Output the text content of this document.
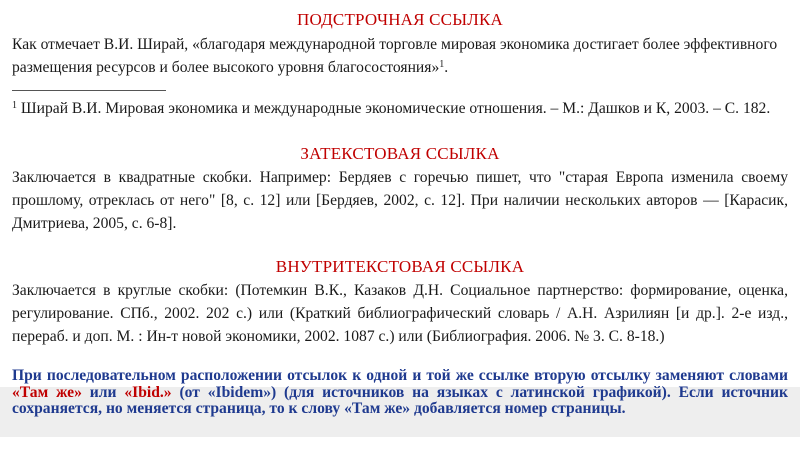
ПОДСТРОЧНАЯ ССЫЛКА
Как отмечает В.И. Ширай, «благодаря международной торговле мировая экономика достигает более эффективного размещения ресурсов и более высокого уровня благосостояния»$^1$.
$^1$ Ширай В.И. Мировая экономика и международные экономические отношения. – М.: Дашков и К, 2003. – С. 182.
ЗАТЕКСТОВАЯ ССЫЛКА
Заключается в квадратные скобки. Например: Бердяев с горечью пишет, что "старая Европа изменила своему прошлому, отреклась от него" [8, с. 12] или [Бердяев, 2002, с. 12]. При наличии нескольких авторов — [Карасик, Дмитриева, 2005, с. 6-8].
ВНУТРИТЕКСТОВАЯ ССЫЛКА
Заключается в круглые скобки: (Потемкин В.К., Казаков Д.Н. Социальное партнерство: формирование, оценка, регулирование. СПб., 2002. 202 с.) или (Краткий библиографический словарь / А.Н. Азрилиян [и др.]. 2-е изд., перераб. и доп. М. : Ин-т новой экономики, 2002. 1087 с.) или (Библиография. 2006. № 3. С. 8-18.)
При последовательном расположении отсылок к одной и той же ссылке вторую отсылку заменяют словами «Там же» или «Ibid.» (от «Ibidem») (для источников на языках с латинской графикой). Если источник сохраняется, но меняется страница, то к слову «Там же» добавляется номер страницы.
